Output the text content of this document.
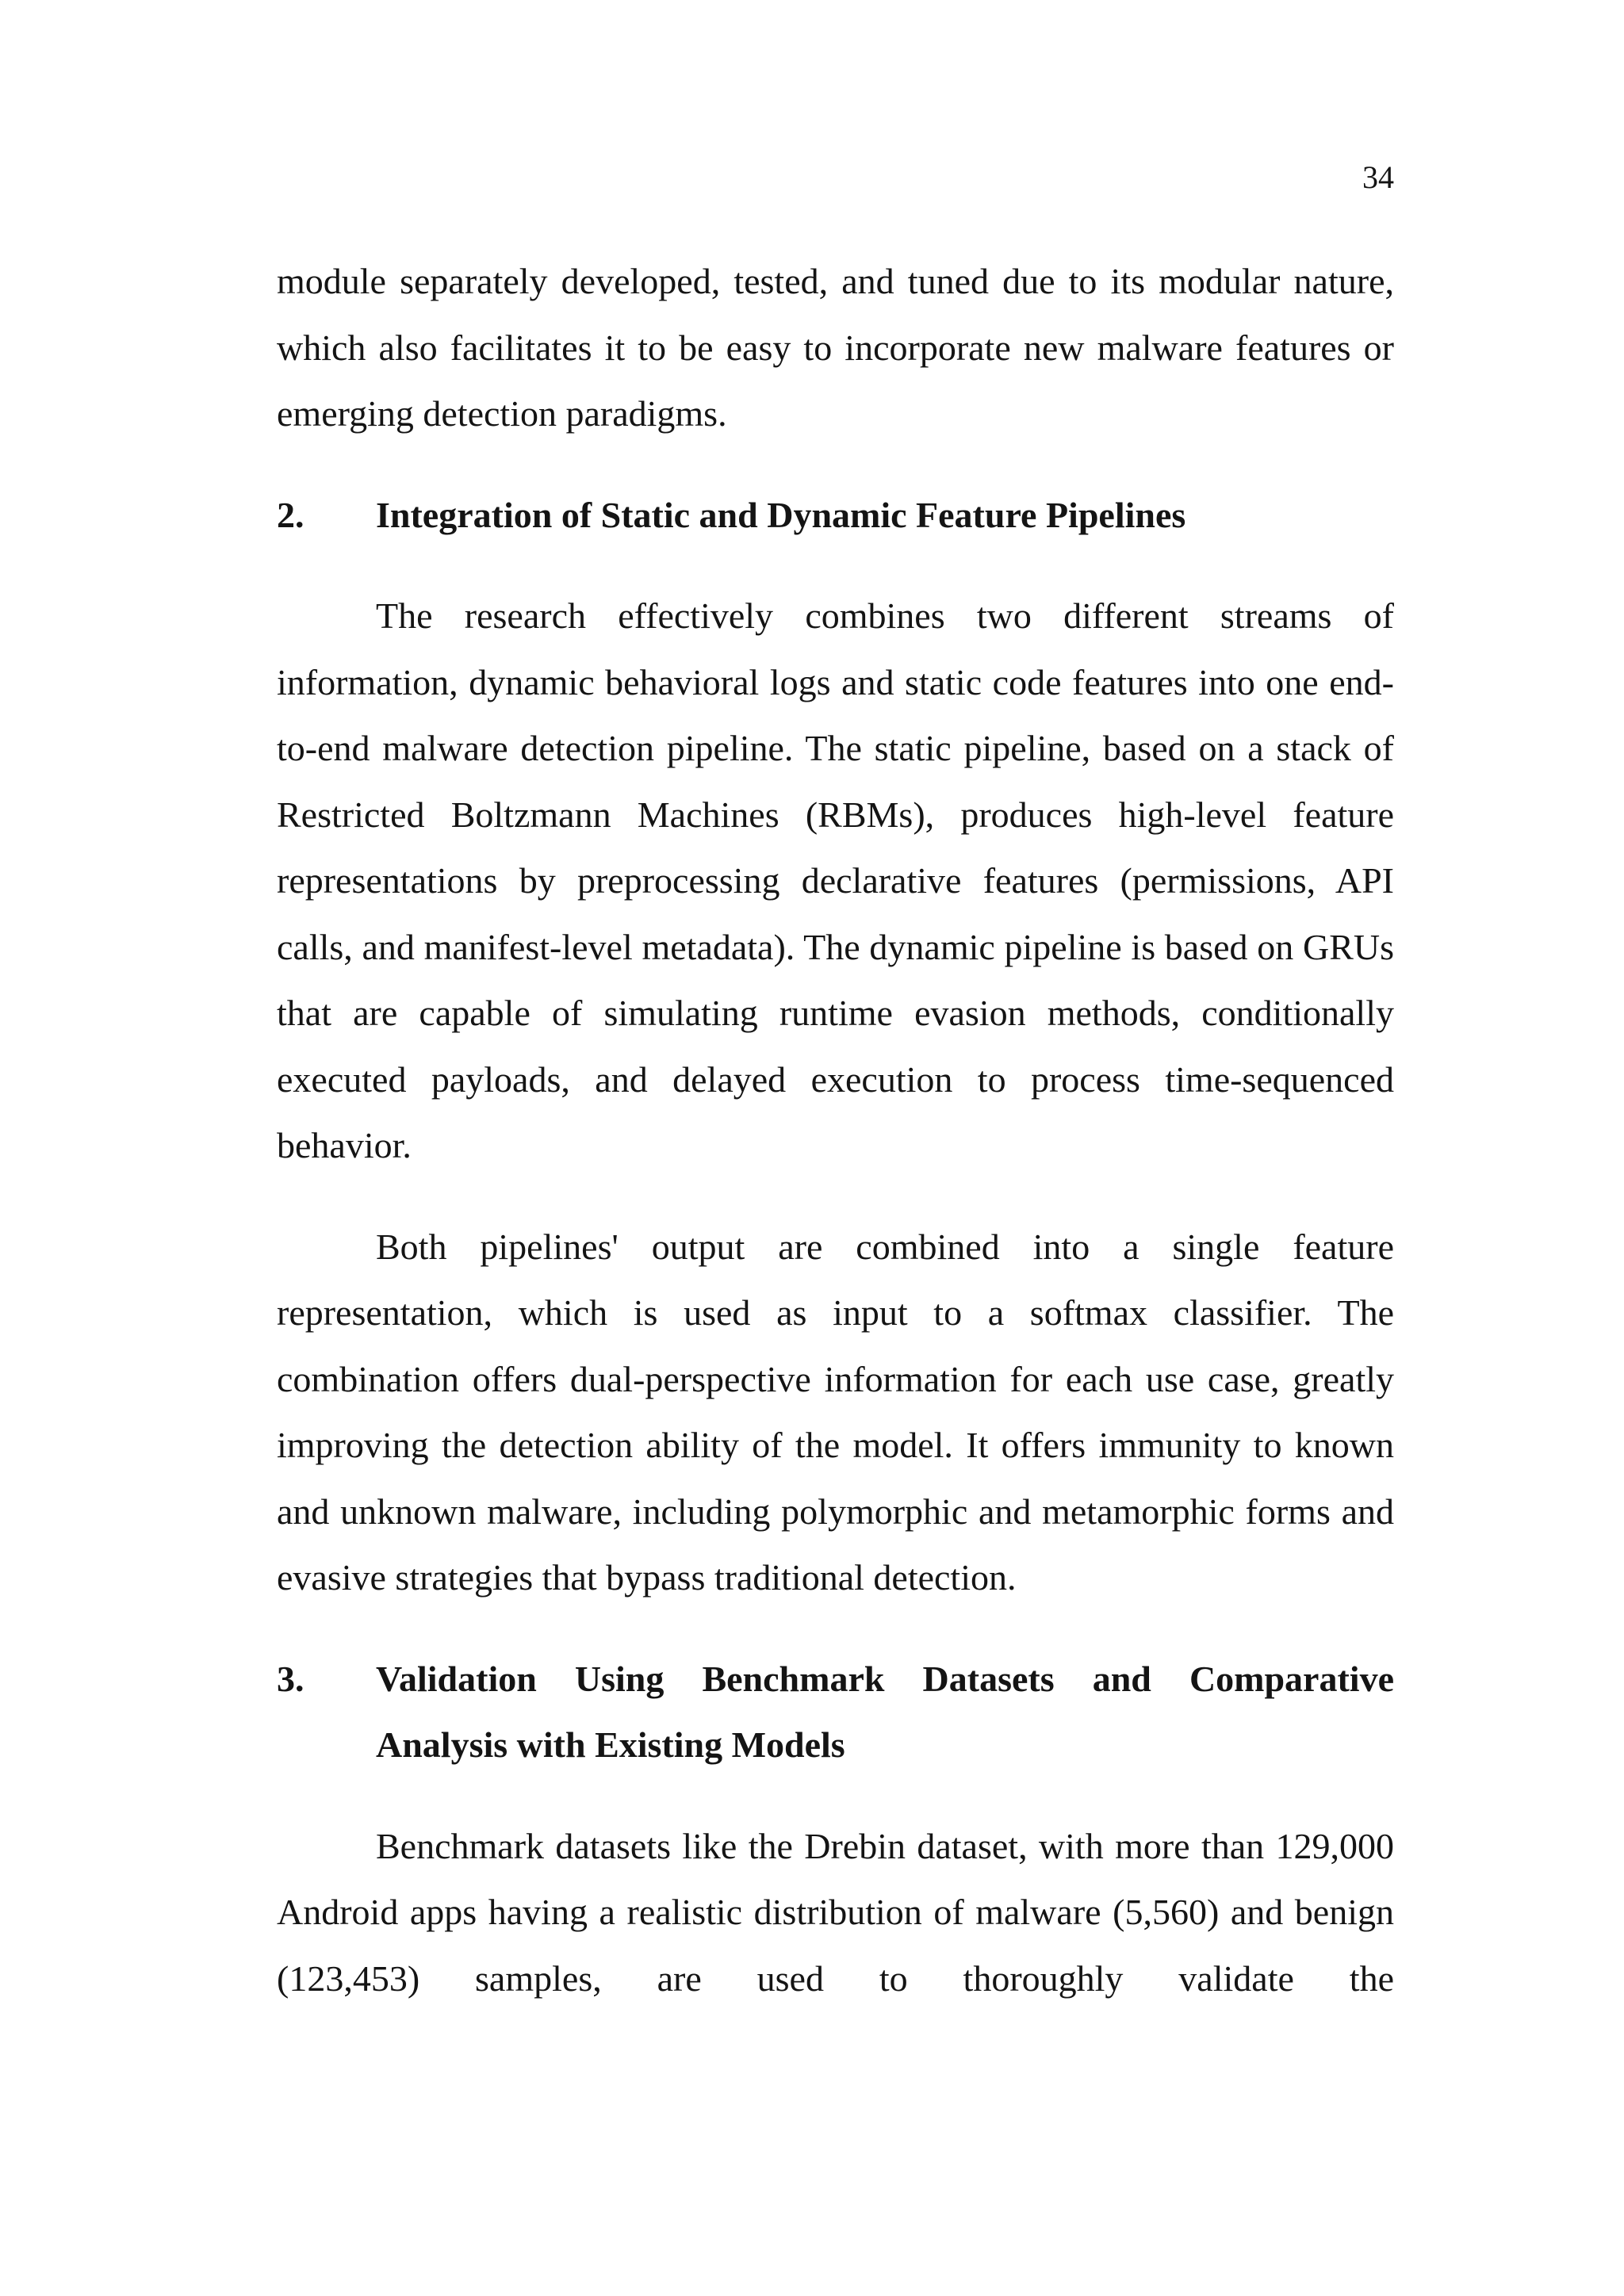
34

module separately developed, tested, and tuned due to its modular nature, which also facilitates it to be easy to incorporate new malware features or emerging detection paradigms.

2.	Integration of Static and Dynamic Feature Pipelines

The research effectively combines two different streams of information, dynamic behavioral logs and static code features into one end-to-end malware detection pipeline. The static pipeline, based on a stack of Restricted Boltzmann Machines (RBMs), produces high-level feature representations by preprocessing declarative features (permissions, API calls, and manifest-level metadata). The dynamic pipeline is based on GRUs that are capable of simulating runtime evasion methods, conditionally executed payloads, and delayed execution to process time-sequenced behavior.

Both pipelines' output are combined into a single feature representation, which is used as input to a softmax classifier. The combination offers dual-perspective information for each use case, greatly improving the detection ability of the model. It offers immunity to known and unknown malware, including polymorphic and metamorphic forms and evasive strategies that bypass traditional detection.

3.	Validation Using Benchmark Datasets and Comparative
Analysis with Existing Models

Benchmark datasets like the Drebin dataset, with more than 129,000 Android apps having a realistic distribution of malware (5,560) and benign (123,453) samples, are used to thoroughly validate the
